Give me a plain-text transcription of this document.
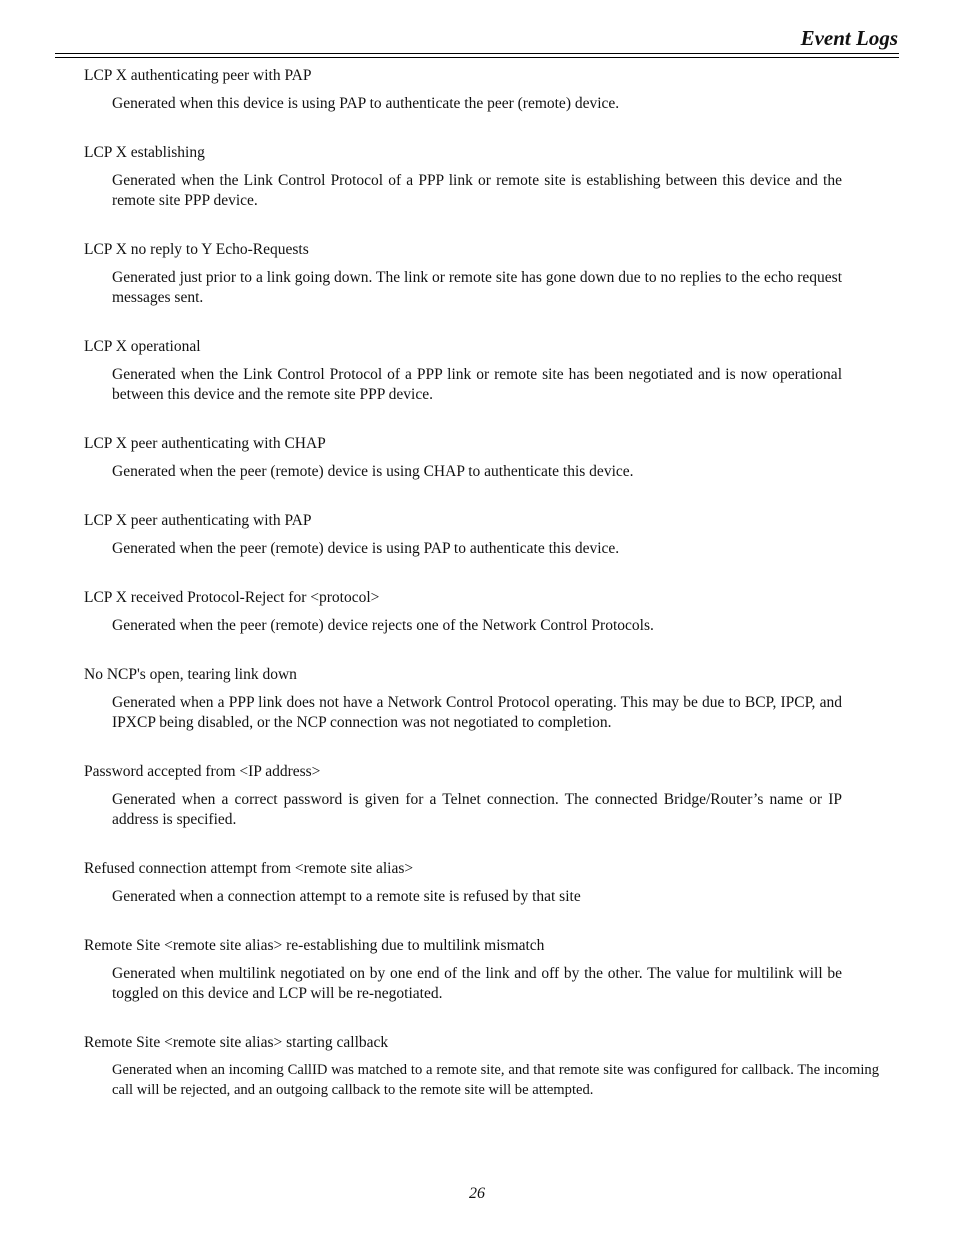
Event Logs

LCP X authenticating peer with PAP

Generated when this device is using PAP to authenticate the peer (remote) device.

LCP X establishing

Generated when the Link Control Protocol of a PPP link or remote site is establishing between this device and the remote site PPP device.

LCP X no reply to Y Echo-Requests

Generated just prior to a link going down. The link or remote site has gone down due to no replies to the echo request messages sent.

LCP X operational

Generated when the Link Control Protocol of a PPP link or remote site has been negotiated and is now operational between this device and the remote site PPP device.

LCP X peer authenticating with CHAP

Generated when the peer (remote) device is using CHAP to authenticate this device.

LCP X peer authenticating with PAP

Generated when the peer (remote) device is using PAP to authenticate this device.

LCP X received Protocol-Reject for <protocol>

Generated when the peer (remote) device rejects one of the Network Control Protocols.

No NCP's open, tearing link down

Generated when a PPP link does not have a Network Control Protocol operating. This may be due to BCP, IPCP, and IPXCP being disabled, or the NCP connection was not negotiated to completion.

Password accepted from <IP address>

Generated when a correct password is given for a Telnet connection. The connected Bridge/Router’s name or IP address is specified.

Refused connection attempt from <remote site alias>

Generated when a connection attempt to a remote site is refused by that site

Remote Site <remote site alias> re-establishing due to multilink mismatch

Generated when multilink negotiated on by one end of the link and off by the other. The value for multilink will be toggled on this device and LCP will be re-negotiated.

Remote Site <remote site alias> starting callback

Generated when an incoming CallID was matched to a remote site, and that remote site was configured for callback. The incoming call will be rejected, and an outgoing callback to the remote site will be attempted.

26
